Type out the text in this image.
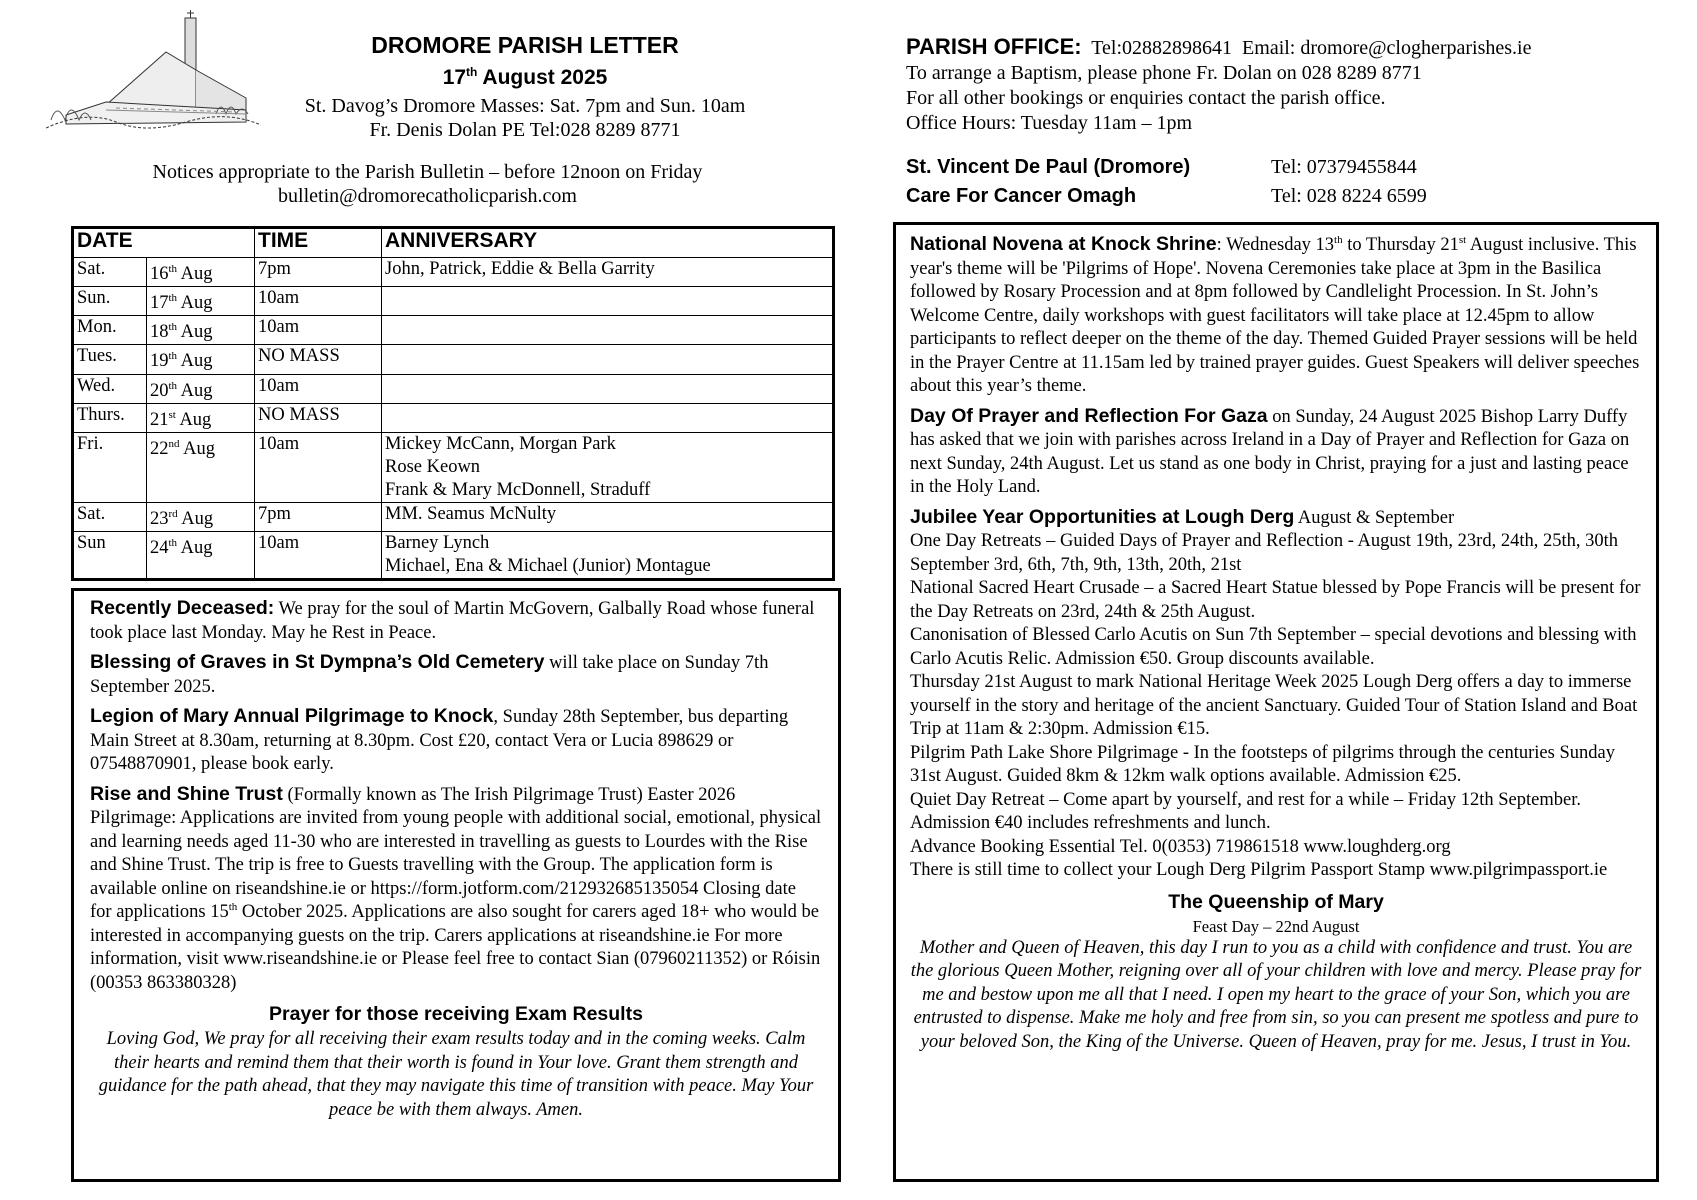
DROMORE PARISH LETTER
17th August 2025
St. Davog’s Dromore Masses: Sat. 7pm and Sun. 10am
Fr. Denis Dolan PE Tel:028 8289 8771
Notices appropriate to the Parish Bulletin – before 12noon on Friday
bulletin@dromorecatholicparish.com
DATE		TIME	ANNIVERSARY
Sat.	16th Aug	7pm	John, Patrick, Eddie & Bella Garrity

Sun.	17th Aug	10am	

Mon.	18th Aug	10am	

Tues.	19th Aug	NO MASS	

Wed.	20th Aug	10am	

Thurs.	21st Aug	NO MASS	

Fri.	22nd Aug	10am	Mickey McCann, Morgan Park
Rose Keown
Frank & Mary McDonnell, Straduff

Sat.	23rd Aug	7pm	MM. Seamus McNulty

Sun	24th Aug	10am	Barney Lynch
Michael, Ena & Michael (Junior) Montague

Recently Deceased: We pray for the soul of Martin McGovern, Galbally Road whose funeral took place last Monday. May he Rest in Peace.

Blessing of Graves in St Dympna’s Old Cemetery will take place on Sunday 7th September 2025.

Legion of Mary Annual Pilgrimage to Knock, Sunday 28th September, bus departing Main Street at 8.30am, returning at 8.30pm. Cost £20, contact Vera or Lucia 898629 or 07548870901, please book early.

Rise and Shine Trust (Formally known as The Irish Pilgrimage Trust) Easter 2026 Pilgrimage: Applications are invited from young people with additional social, emotional, physical and learning needs aged 11-30 who are interested in travelling as guests to Lourdes with the Rise and Shine Trust. The trip is free to Guests travelling with the Group. The application form is available online on riseandshine.ie or https://form.jotform.com/212932685135054 Closing date for applications 15th October 2025. Applications are also sought for carers aged 18+ who would be interested in accompanying guests on the trip. Carers applications at riseandshine.ie For more information, visit www.riseandshine.ie or Please feel free to contact Sian (07960211352) or Róisin (00353 863380328)

Prayer for those receiving Exam Results
Loving God, We pray for all receiving their exam results today and in the coming weeks. Calm their hearts and remind them that their worth is found in Your love. Grant them strength and guidance for the path ahead, that they may navigate this time of transition with peace. May Your peace be with them always. Amen.
PARISH OFFICE:  Tel:02882898641  Email: dromore@clogherparishes.ie
To arrange a Baptism, please phone Fr. Dolan on 028 8289 8771
For all other bookings or enquiries contact the parish office.
Office Hours: Tuesday 11am – 1pm
St. Vincent De Paul (Dromore)	Tel: 07379455844
Care For Cancer Omagh	Tel: 028 8224 6599

National Novena at Knock Shrine: Wednesday 13th to Thursday 21st August inclusive. This year's theme will be 'Pilgrims of Hope'. Novena Ceremonies take place at 3pm in the Basilica followed by Rosary Procession and at 8pm followed by Candlelight Procession. In St. John’s Welcome Centre, daily workshops with guest facilitators will take place at 12.45pm to allow participants to reflect deeper on the theme of the day. Themed Guided Prayer sessions will be held in the Prayer Centre at 11.15am led by trained prayer guides. Guest Speakers will deliver speeches about this year’s theme.

Day Of Prayer and Reflection For Gaza on Sunday, 24 August 2025 Bishop Larry Duffy has asked that we join with parishes across Ireland in a Day of Prayer and Reflection for Gaza on next Sunday, 24th August. Let us stand as one body in Christ, praying for a just and lasting peace in the Holy Land.

Jubilee Year Opportunities at Lough Derg August & September
One Day Retreats – Guided Days of Prayer and Reflection - August 19th, 23rd, 24th, 25th, 30th September 3rd, 6th, 7th, 9th, 13th, 20th, 21st
National Sacred Heart Crusade – a Sacred Heart Statue blessed by Pope Francis will be present for the Day Retreats on 23rd, 24th & 25th August.
Canonisation of Blessed Carlo Acutis on Sun 7th September – special devotions and blessing with Carlo Acutis Relic. Admission €50. Group discounts available.
Thursday 21st August to mark National Heritage Week 2025 Lough Derg offers a day to immerse yourself in the story and heritage of the ancient Sanctuary. Guided Tour of Station Island and Boat Trip at 11am & 2:30pm. Admission €15.
Pilgrim Path Lake Shore Pilgrimage - In the footsteps of pilgrims through the centuries Sunday 31st August. Guided 8km & 12km walk options available. Admission €25.
Quiet Day Retreat – Come apart by yourself, and rest for a while – Friday 12th September. Admission €40 includes refreshments and lunch.
Advance Booking Essential Tel. 0(0353) 719861518 www.loughderg.org
There is still time to collect your Lough Derg Pilgrim Passport Stamp www.pilgrimpassport.ie
The Queenship of Mary
Feast Day – 22nd August
Mother and Queen of Heaven, this day I run to you as a child with confidence and trust. You are the glorious Queen Mother, reigning over all of your children with love and mercy. Please pray for me and bestow upon me all that I need. I open my heart to the grace of your Son, which you are entrusted to dispense. Make me holy and free from sin, so you can present me spotless and pure to your beloved Son, the King of the Universe. Queen of Heaven, pray for me. Jesus, I trust in You.
